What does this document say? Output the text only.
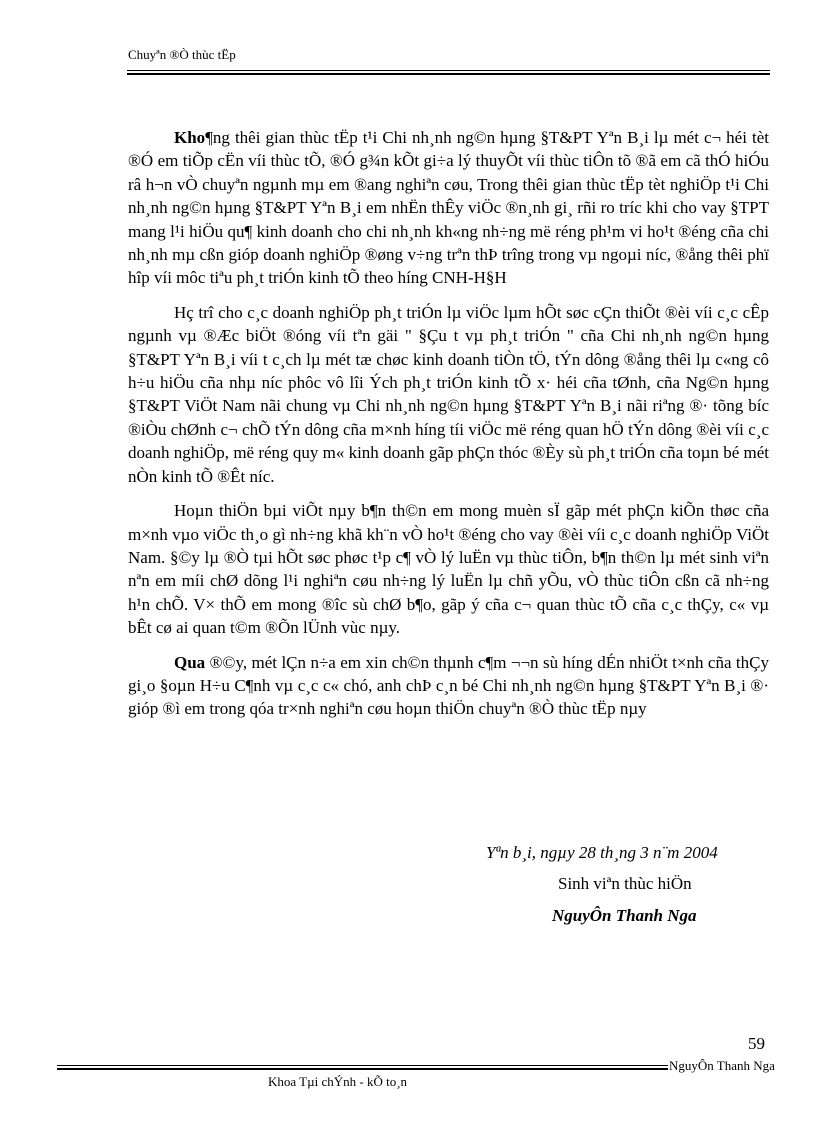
Chuyªn ®Ò thùc tËp

Kho¶ng thêi gian thùc tËp t¹i Chi nh¸nh ng©n hµng §T&PT Yªn B¸i lµ mét c¬ héi tèt ®Ó em tiÕp cËn víi thùc tÕ, ®Ó g¾n kÕt gi÷a lý thuyÕt víi thùc tiÔn tõ ®ã em cã thÓ hiÓu râ h¬n vÒ chuyªn ngµnh mµ em ®ang nghiªn cøu, Trong thêi gian thùc tËp tèt nghiÖp t¹i Chi nh¸nh ng©n hµng §T&PT Yªn B¸i em nhËn thÊy viÖc ®n¸nh gi¸ rñi ro tríc khi cho vay §TPT mang l¹i hiÖu qu¶ kinh doanh cho chi nh¸nh kh«ng nh÷ng më réng ph¹m vi ho¹t ®éng cña chi nh¸nh mµ cßn gióp doanh nghiÖp ®øng v÷ng trªn thÞ trîng trong vµ ngoµi níc, ®ång thêi phï hîp víi môc tiªu ph¸t triÓn kinh tÕ theo híng CNH-H§H

Hç trî cho c¸c doanh nghiÖp ph¸t triÓn lµ viÖc lµm hÕt søc cÇn thiÕt ®èi víi c¸c cÊp ngµnh vµ ®Æc biÖt ®óng víi tªn gäi " §Çu t vµ ph¸t triÓn " cña Chi nh¸nh ng©n hµng §T&PT Yªn B¸i víi t c¸ch lµ mét tæ chøc kinh doanh tiÒn tÖ, tÝn dông ®ång thêi lµ c«ng cô h÷u hiÖu cña nhµ níc phôc vô lîi Ých ph¸t triÓn kinh tÕ x· héi cña tØnh, cña Ng©n hµng §T&PT ViÖt Nam nãi chung vµ Chi nh¸nh ng©n hµng §T&PT Yªn B¸i nãi riªng ®· tõng bíc ®iÒu chØnh c¬ chÕ tÝn dông cña m×nh híng tíi viÖc më réng quan hÖ tÝn dông ®èi víi c¸c doanh nghiÖp, më réng quy m« kinh doanh gãp phÇn thóc ®Èy sù ph¸t triÓn cña toµn bé mét nÒn kinh tÕ ®Êt níc.

Hoµn thiÖn bµi viÕt nµy b¶n th©n em mong muèn sÏ gãp mét phÇn kiÕn thøc cña m×nh vµo viÖc th¸o gì nh÷ng khã kh¨n vÒ ho¹t ®éng cho vay ®èi víi c¸c doanh nghiÖp ViÖt Nam. §©y lµ ®Ò tµi hÕt søc phøc t¹p c¶ vÒ lý luËn vµ thùc tiÔn, b¶n th©n lµ mét sinh viªn nªn em míi chØ dõng l¹i nghiªn cøu nh÷ng lý luËn lµ chñ yÕu, vÒ thùc tiÔn cßn cã nh÷ng h¹n chÕ. V× thÕ em mong ®îc sù chØ b¶o, gãp ý cña c¬ quan thùc tÕ cña c¸c thÇy, c« vµ bÊt cø ai quan t©m ®Õn lÜnh vùc nµy.

Qua ®©y, mét lÇn n÷a em xin ch©n thµnh c¶m ¬¬n sù híng dÉn nhiÖt t×nh cña thÇy gi¸o §oµn H÷u C¶nh vµ c¸c c« chó, anh chÞ c¸n bé Chi nh¸nh ng©n hµng §T&PT Yªn B¸i ®· gióp ®ì em trong qóa tr×nh nghiªn cøu hoµn thiÖn chuyªn ®Ò thùc tËp nµy

Yªn b¸i, ngµy 28 th¸ng 3 n¨m 2004
Sinh viªn thùc hiÖn
NguyÔn Thanh Nga
59
NguyÔn Thanh Nga
Khoa Tµi chÝnh - kÕ to¸n
